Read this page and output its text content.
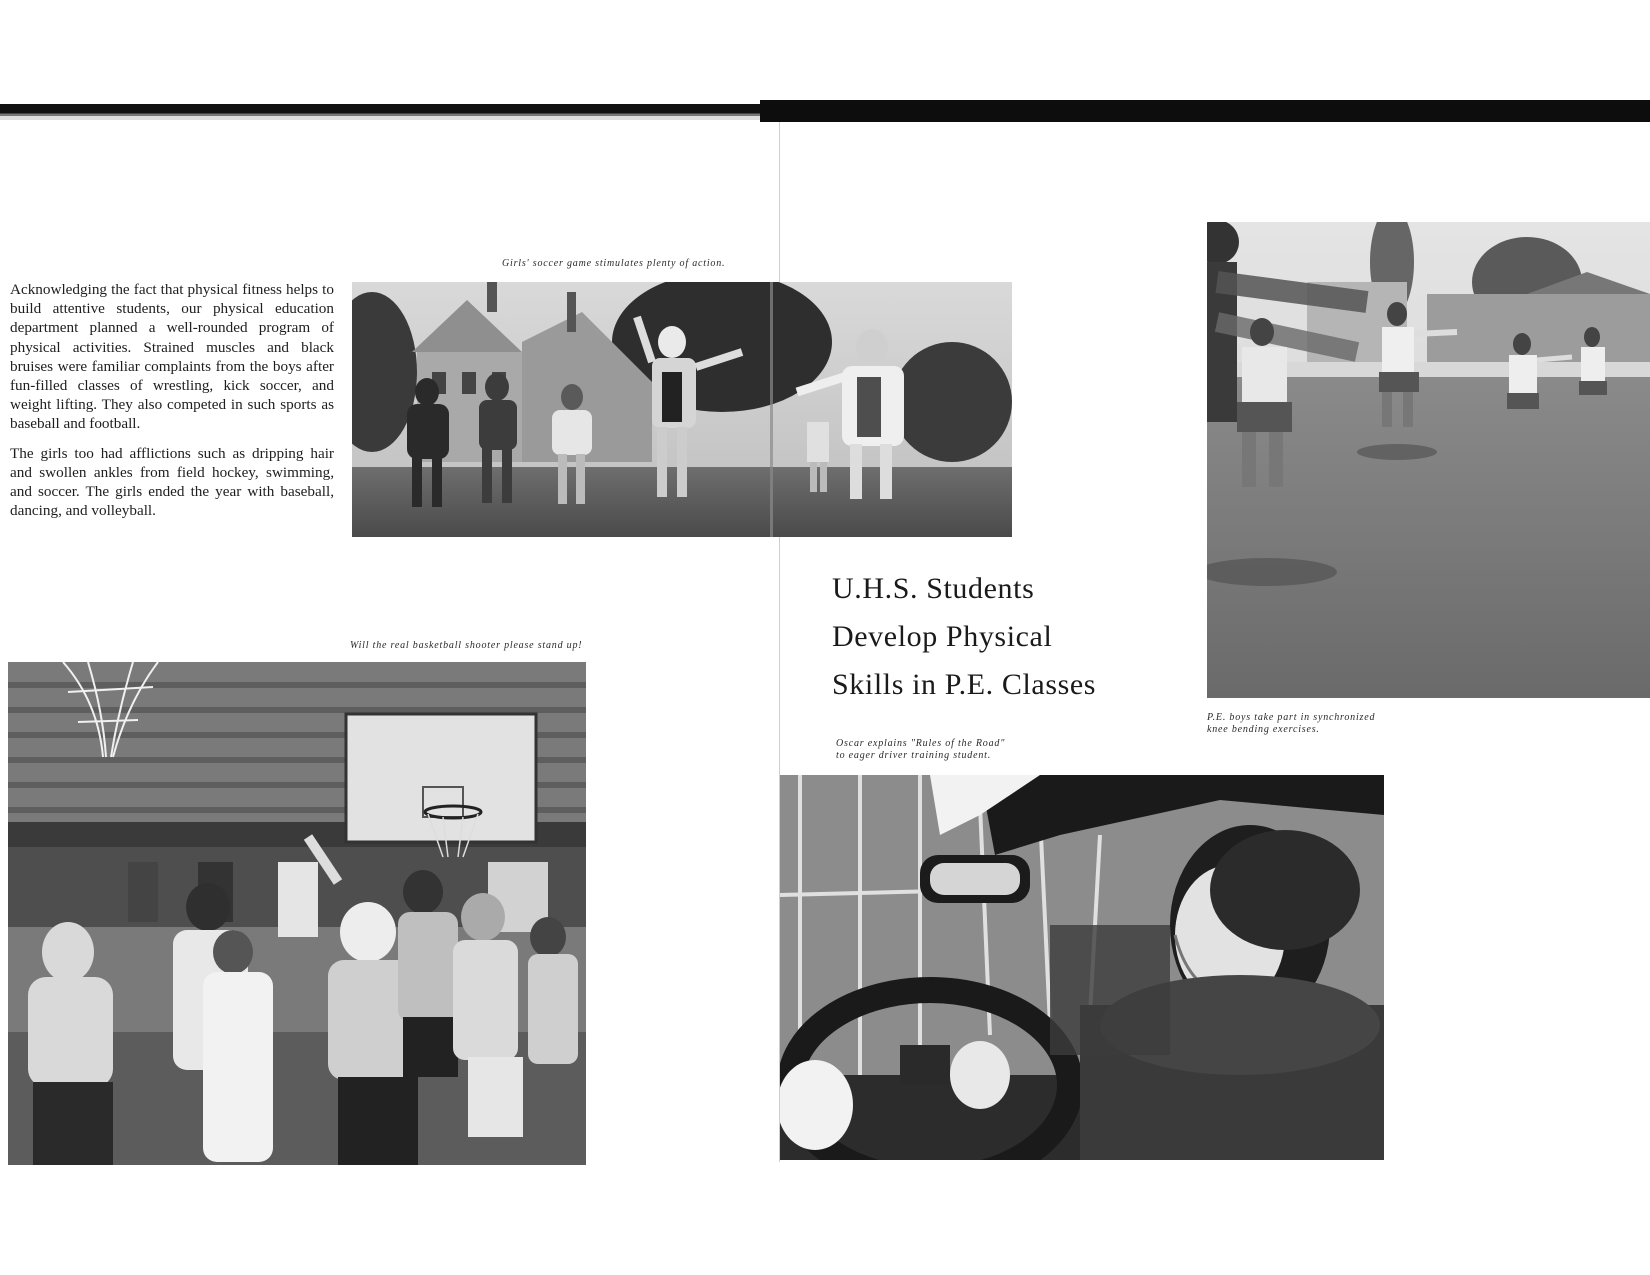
Girls' soccer game stimulates plenty of action.

Acknowledging the fact that physical fitness helps to build attentive students, our physical education department planned a well-rounded program of physical activities. Strained muscles and black bruises were familiar complaints from the boys after fun-filled classes of wrestling, kick soccer, and weight lifting. They also competed in such sports as baseball and football.

The girls too had afflictions such as dripping hair and swollen ankles from field hockey, swimming, and soccer. The girls ended the year with baseball, dancing, and volleyball.

P.E. boys take part in synchronized
knee bending exercises.
Will the real basketball shooter please stand up!
U.H.S. Students
Develop Physical
Skills in P.E. Classes
Oscar explains "Rules of the Road"
to eager driver training student.
